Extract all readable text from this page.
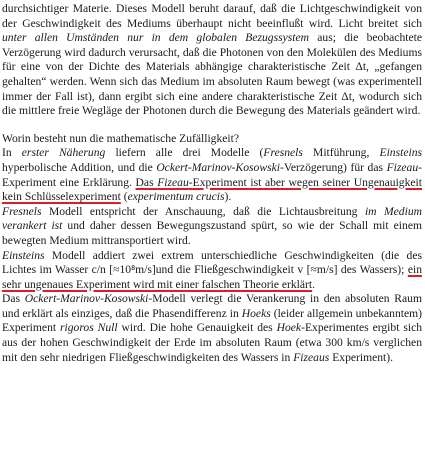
durchsichtiger Materie. Dieses Modell beruht darauf, daß die Lichtgeschwindigkeit von der Geschwindigkeit des Mediums überhaupt nicht beeinflußt wird. Licht breitet sich unter allen Umständen nur in dem globalen Bezugssystem aus; die beobachtete Verzögerung wird dadurch verursacht, daß die Photonen von den Molekülen des Mediums für eine von der Dichte des Materials abhängige charakteristische Zeit Δt, „gefangen gehalten“ werden. Wenn sich das Medium im absoluten Raum bewegt (was experimentell immer der Fall ist), dann ergibt sich eine andere charakteristische Zeit Δt, wodurch sich die mittlere freie Wegläge der Photonen durch die Bewegung des Materials geändert wird.

Worin besteht nun die mathematische Zufälligkeit?

In erster Näherung liefern alle drei Modelle (Fresnels Mitführung, Einsteins hyperbolische Addition, und die Ockert-Marinov-Kosowski-Verzögerung) für das Fizeau-Experiment eine Erklärung. Das Fizeau-Experiment ist aber wegen seiner Ungenauigkeit kein Schlüsselexperiment (experimentum crucis).

Fresnels Modell entspricht der Anschauung, daß die Lichtausbreitung im Medium verankert ist und daher dessen Bewegungszustand spürt, so wie der Schall mit einem bewegten Medium mittransportiert wird.

Einsteins Modell addiert zwei extrem unterschiedliche Geschwindigkeiten (die des Lichtes im Wasser c/n [≈10⁸m/s]und die Fließgeschwindigkeit v [≈m/s] des Wassers); ein sehr ungenaues Experiment wird mit einer falschen Theorie erklärt.

Das Ockert-Marinov-Kosowski-Modell verlegt die Verankerung in den absoluten Raum und erklärt als einziges, daß die Phasendifferenz in Hoeks (leider allgemein unbekanntem) Experiment rigoros Null wird. Die hohe Genauigkeit des Hoek-Experimentes ergibt sich aus der hohen Geschwindigkeit der Erde im absoluten Raum (etwa 300 km/s verglichen mit den sehr niedrigen Fließgeschwindigkeiten des Wassers in Fizeaus Experiment).
